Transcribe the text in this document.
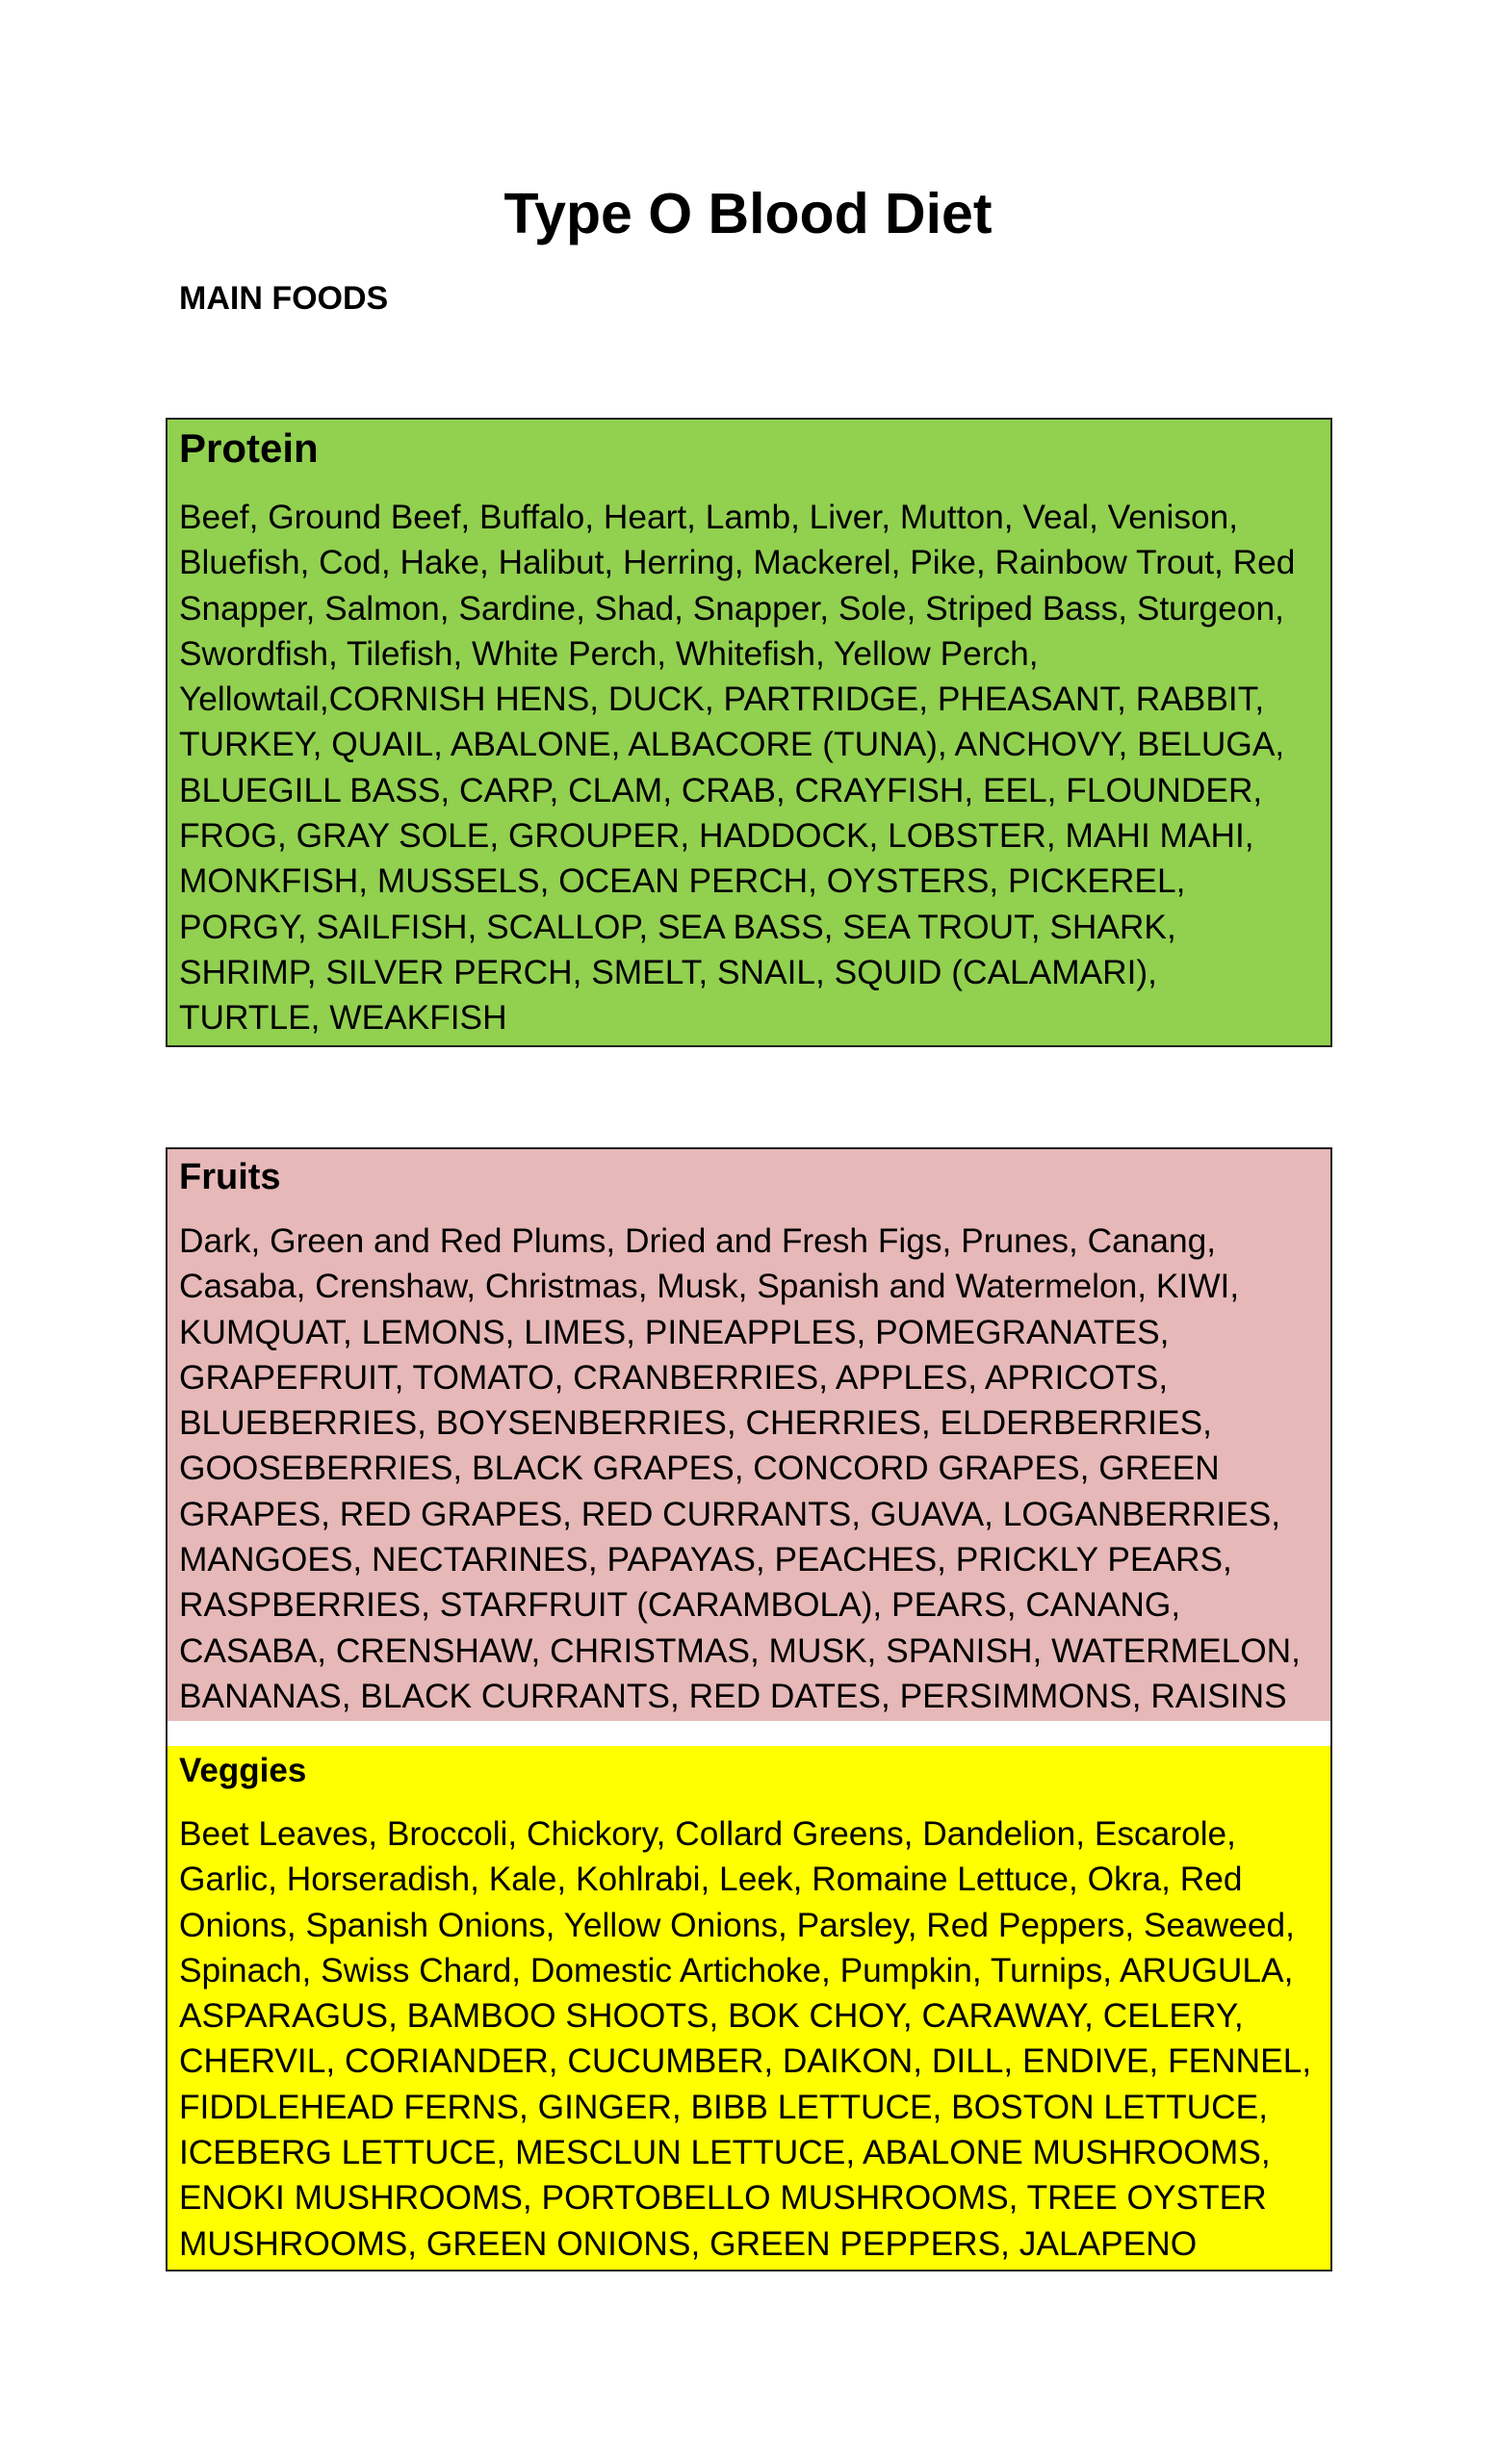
Type O Blood Diet

MAIN FOODS

Protein
Beef, Ground Beef, Buffalo, Heart, Lamb, Liver, Mutton, Veal, Venison,
Bluefish, Cod, Hake, Halibut, Herring, Mackerel, Pike, Rainbow Trout, Red
Snapper, Salmon, Sardine, Shad, Snapper, Sole, Striped Bass, Sturgeon,
Swordfish, Tilefish, White Perch, Whitefish, Yellow Perch,
Yellowtail,CORNISH HENS, DUCK, PARTRIDGE, PHEASANT, RABBIT,
TURKEY, QUAIL, ABALONE, ALBACORE (TUNA), ANCHOVY, BELUGA,
BLUEGILL BASS, CARP, CLAM, CRAB, CRAYFISH, EEL, FLOUNDER,
FROG, GRAY SOLE, GROUPER, HADDOCK, LOBSTER, MAHI MAHI,
MONKFISH, MUSSELS, OCEAN PERCH, OYSTERS, PICKEREL,
PORGY, SAILFISH, SCALLOP, SEA BASS, SEA TROUT, SHARK,
SHRIMP, SILVER PERCH, SMELT, SNAIL, SQUID (CALAMARI),
TURTLE, WEAKFISH
Fruits
Dark, Green and Red Plums, Dried and Fresh Figs, Prunes, Canang,
Casaba, Crenshaw, Christmas, Musk, Spanish and Watermelon, KIWI,
KUMQUAT, LEMONS, LIMES, PINEAPPLES, POMEGRANATES,
GRAPEFRUIT, TOMATO, CRANBERRIES, APPLES, APRICOTS,
BLUEBERRIES, BOYSENBERRIES, CHERRIES, ELDERBERRIES,
GOOSEBERRIES, BLACK GRAPES, CONCORD GRAPES, GREEN
GRAPES, RED GRAPES, RED CURRANTS, GUAVA, LOGANBERRIES,
MANGOES, NECTARINES, PAPAYAS, PEACHES, PRICKLY PEARS,
RASPBERRIES, STARFRUIT (CARAMBOLA), PEARS, CANANG,
CASABA, CRENSHAW, CHRISTMAS, MUSK, SPANISH, WATERMELON,
BANANAS, BLACK CURRANTS, RED DATES, PERSIMMONS, RAISINS
Veggies
Beet Leaves, Broccoli, Chickory, Collard Greens, Dandelion, Escarole,
Garlic, Horseradish, Kale, Kohlrabi, Leek, Romaine Lettuce, Okra, Red
Onions, Spanish Onions, Yellow Onions, Parsley, Red Peppers, Seaweed,
Spinach, Swiss Chard, Domestic Artichoke, Pumpkin, Turnips, ARUGULA,
ASPARAGUS, BAMBOO SHOOTS, BOK CHOY, CARAWAY, CELERY,
CHERVIL, CORIANDER, CUCUMBER, DAIKON, DILL, ENDIVE, FENNEL,
FIDDLEHEAD FERNS, GINGER, BIBB LETTUCE, BOSTON LETTUCE,
ICEBERG LETTUCE, MESCLUN LETTUCE, ABALONE MUSHROOMS,
ENOKI MUSHROOMS, PORTOBELLO MUSHROOMS, TREE OYSTER
MUSHROOMS, GREEN ONIONS, GREEN PEPPERS, JALAPENO
